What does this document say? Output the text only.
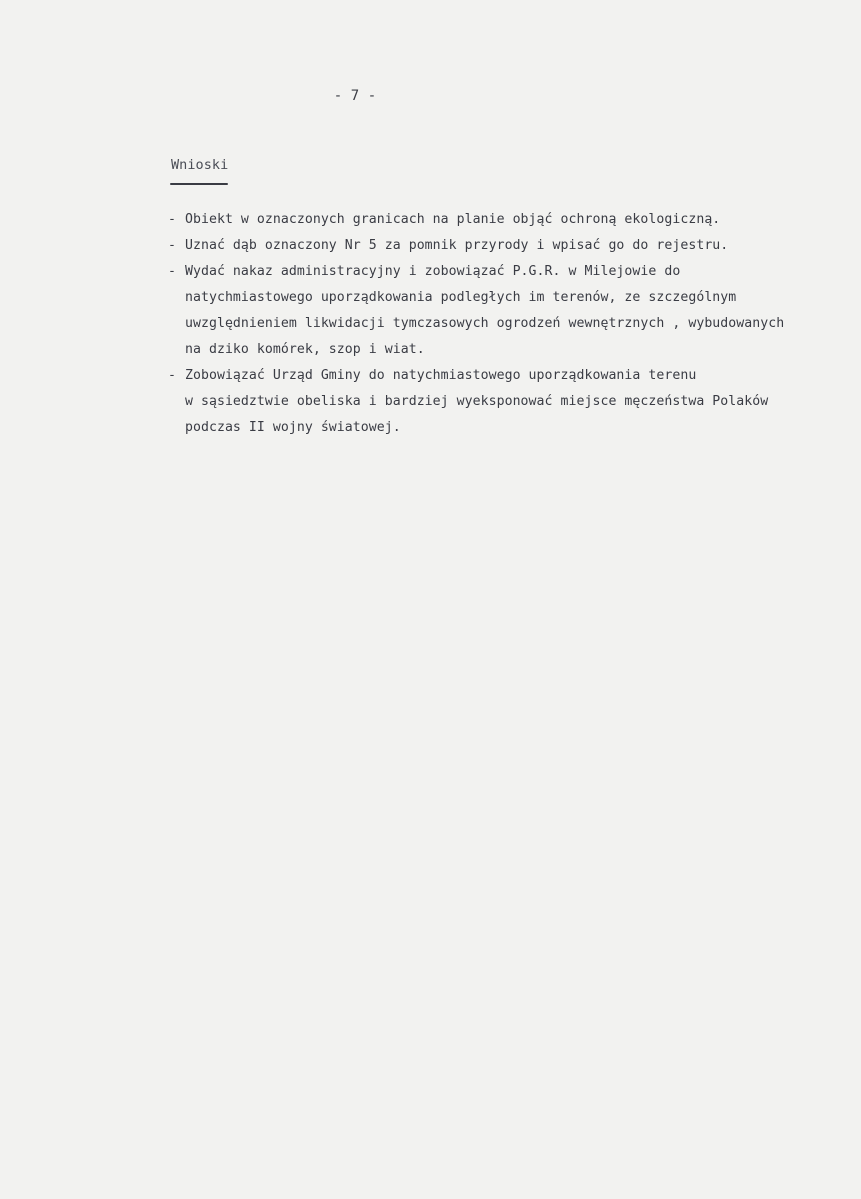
- 7 -
Wnioski

- Obiekt w oznaczonych granicach na planie objąć ochroną ekologiczną.

- Uznać dąb oznaczony Nr 5 za pomnik przyrody i wpisać go do rejestru.

- Wydać nakaz administracyjny i zobowiązać P.G.R. w Milejowie do

natychmiastowego uporządkowania podległych im terenów, ze szczególnym

uwzględnieniem likwidacji tymczasowych ogrodzeń wewnętrznych , wybudowanych

na dziko komórek, szop i wiat.

- Zobowiązać Urząd Gminy do natychmiastowego uporządkowania terenu

w sąsiedztwie obeliska i bardziej wyeksponować miejsce męczeństwa Polaków

podczas II wojny światowej.
